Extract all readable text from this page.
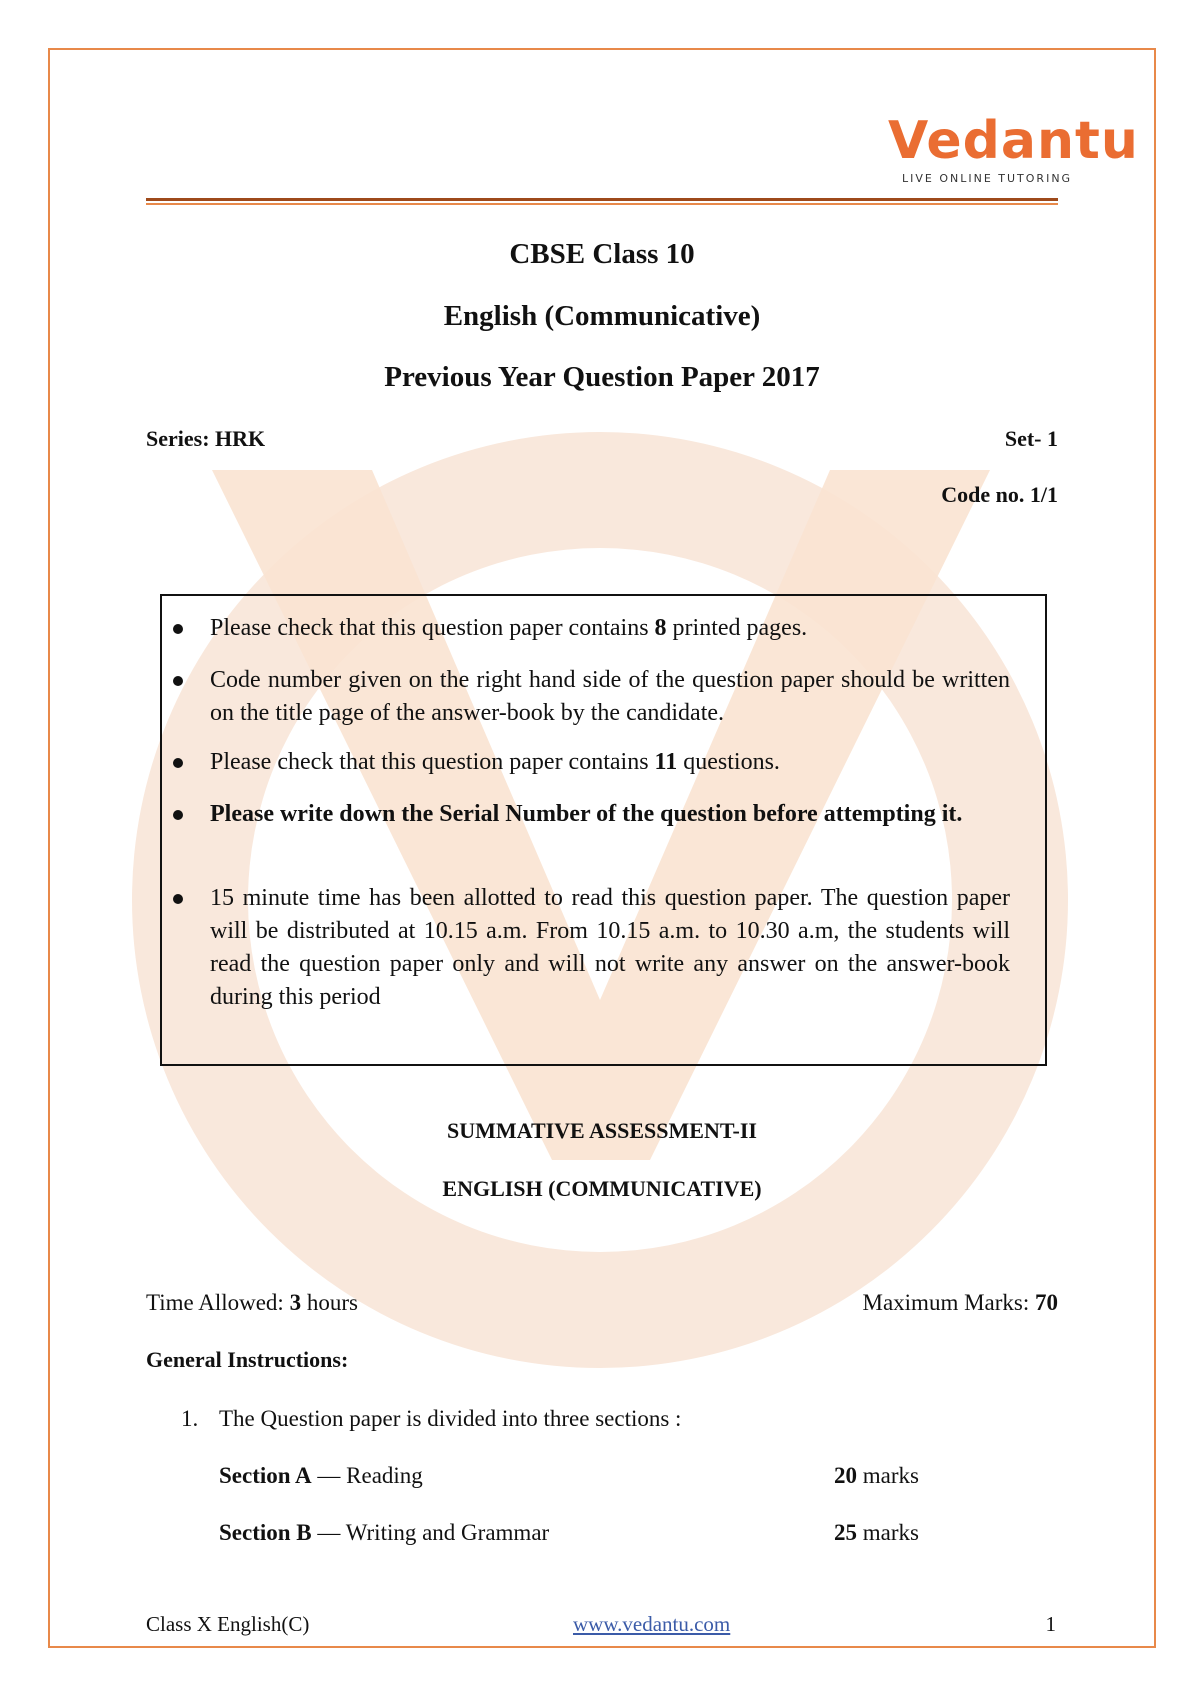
Vedantu
LIVE ONLINE TUTORING
CBSE Class 10
English (Communicative)
Previous Year Question Paper 2017
Series: HRK	Set- 1
Code no. 1/1
Please check that this question paper contains 8 printed pages.
Code number given on the right hand side of the question paper should be written on the title page of the answer-book by the candidate.
Please check that this question paper contains 11 questions.
Please write down the Serial Number of the question before attempting it.
15 minute time has been allotted to read this question paper. The question paper will be distributed at 10.15 a.m. From 10.15 a.m. to 10.30 a.m, the students will read the question paper only and will not write any answer on the answer-book during this period
SUMMATIVE ASSESSMENT-II
ENGLISH (COMMUNICATIVE)
Time Allowed: 3 hours	Maximum Marks: 70
General Instructions:
1. The Question paper is divided into three sections :
Section A — Reading	20 marks
Section B — Writing and Grammar	25 marks
Class X English(C)	www.vedantu.com	1
